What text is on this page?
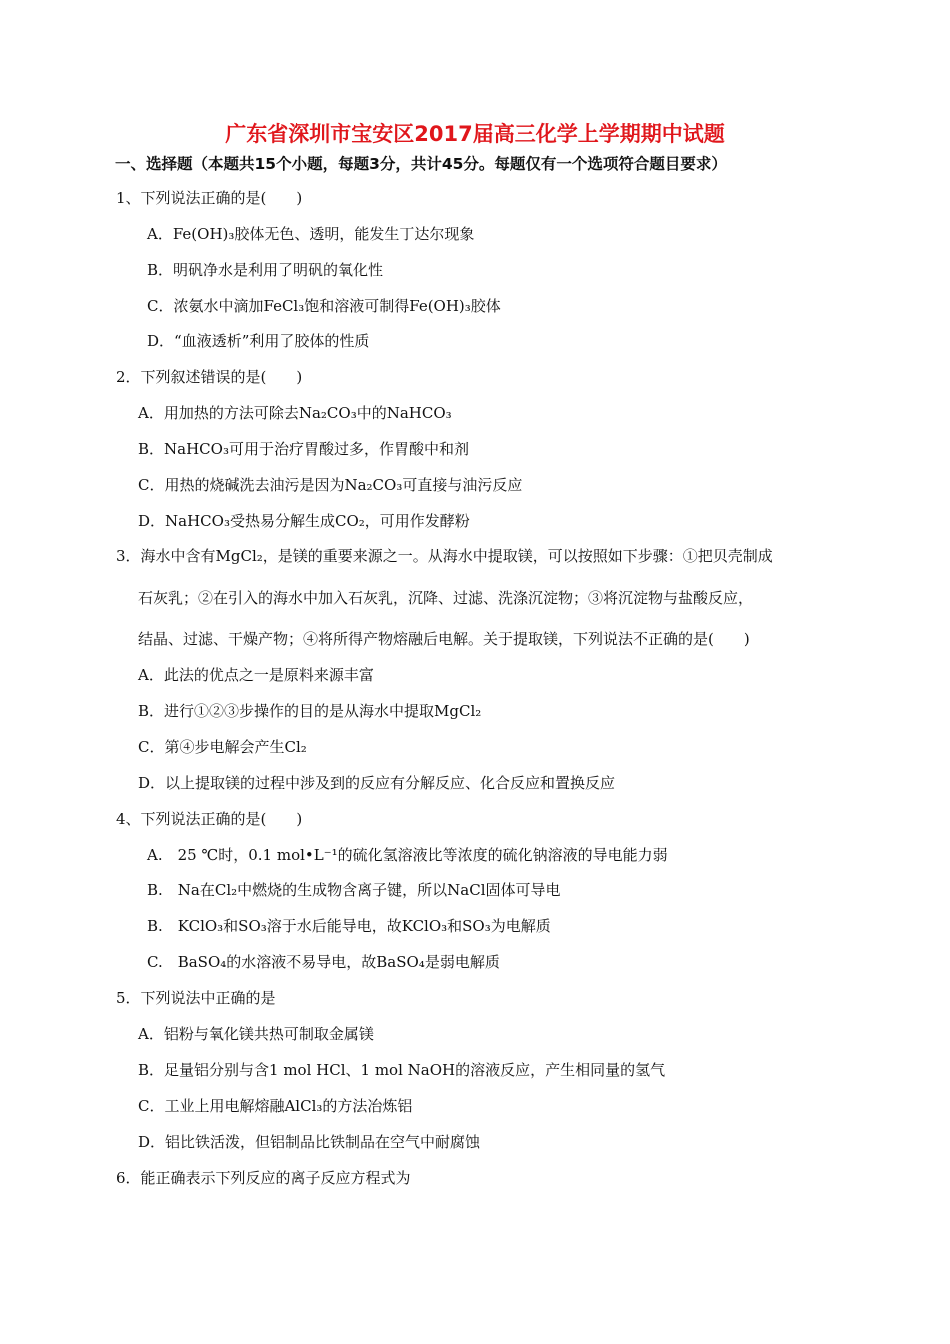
广东省深圳市宝安区2017届高三化学上学期期中试题
一、选择题（本题共15个小题，每题3分，共计45分。每题仅有一个选项符合题目要求）
1、下列说法正确的是(　　)
A．Fe(OH)₃胶体无色、透明，能发生丁达尔现象
B．明矾净水是利用了明矾的氧化性
C．浓氨水中滴加FeCl₃饱和溶液可制得Fe(OH)₃胶体
D．“血液透析”利用了胶体的性质
2．下列叙述错误的是(　　)
A．用加热的方法可除去Na₂CO₃中的NaHCO₃
B．NaHCO₃可用于治疗胃酸过多，作胃酸中和剂
C．用热的烧碱洗去油污是因为Na₂CO₃可直接与油污反应
D．NaHCO₃受热易分解生成CO₂，可用作发酵粉
3．海水中含有MgCl₂，是镁的重要来源之一。从海水中提取镁，可以按照如下步骤：①把贝壳制成
石灰乳；②在引入的海水中加入石灰乳，沉降、过滤、洗涤沉淀物；③将沉淀物与盐酸反应，
结晶、过滤、干燥产物；④将所得产物熔融后电解。关于提取镁，下列说法不正确的是(　　)
A．此法的优点之一是原料来源丰富
B．进行①②③步操作的目的是从海水中提取MgCl₂
C．第④步电解会产生Cl₂
D．以上提取镁的过程中涉及到的反应有分解反应、化合反应和置换反应
4、下列说法正确的是(　　)
A.　25 ℃时，0.1 mol•L⁻¹的硫化氢溶液比等浓度的硫化钠溶液的导电能力弱
B.　Na在Cl₂中燃烧的生成物含离子键，所以NaCl固体可导电
B.　KClO₃和SO₃溶于水后能导电，故KClO₃和SO₃为电解质
C.　BaSO₄的水溶液不易导电，故BaSO₄是弱电解质
5．下列说法中正确的是
A．铝粉与氧化镁共热可制取金属镁
B．足量铝分别与含1 mol HCl、1 mol NaOH的溶液反应，产生相同量的氢气
C．工业上用电解熔融AlCl₃的方法冶炼铝
D．铝比铁活泼，但铝制品比铁制品在空气中耐腐蚀
6．能正确表示下列反应的离子反应方程式为
